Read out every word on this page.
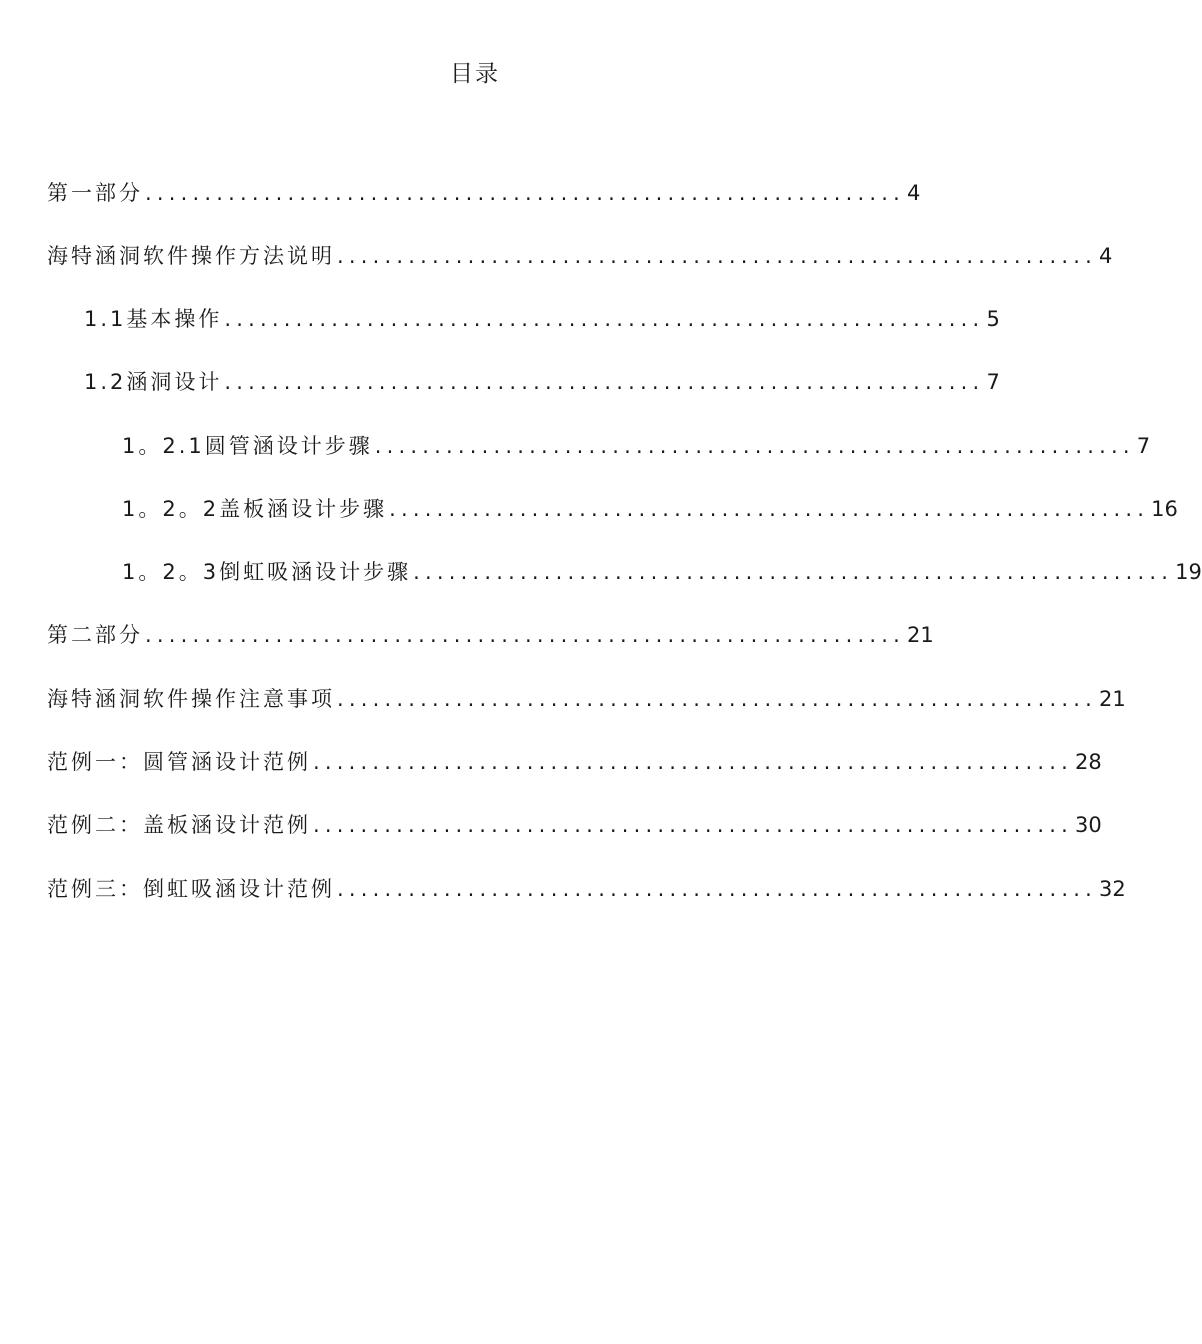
目录
第一部分 ................................................................ 4
海特涵洞软件操作方法说明 ................................................................ 4
1.1基本操作 ................................................................ 5
1.2涵洞设计 ................................................................ 7
1。2.1圆管涵设计步骤 ................................................................ 7
1。2。2盖板涵设计步骤 ................................................................ 16
1。2。3倒虹吸涵设计步骤 ................................................................ 19
第二部分 ................................................................ 21
海特涵洞软件操作注意事项 ................................................................ 21
范例一：圆管涵设计范例 ................................................................ 28
范例二：盖板涵设计范例 ................................................................ 30
范例三：倒虹吸涵设计范例 ................................................................ 32
